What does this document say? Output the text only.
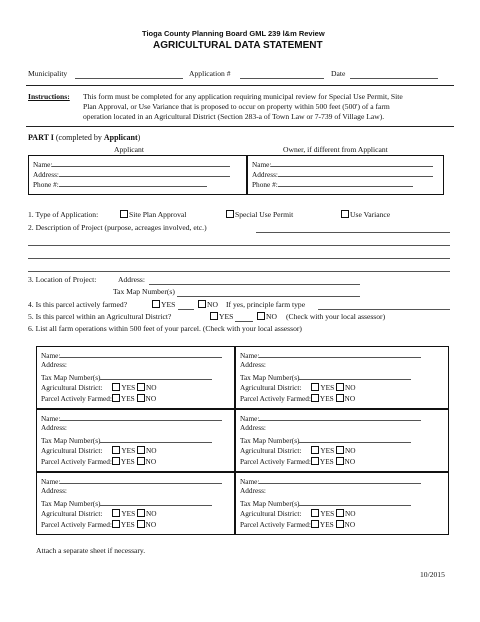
Tioga County Planning Board GML 239 l&m Review
AGRICULTURAL DATA STATEMENT
Municipality	Application #	Date
Instructions: This form must be completed for any application requiring municipal review for Special Use Permit, Site
Plan Approval, or Use Variance that is proposed to occur on property within 500 feet (500') of a farm
operation located in an Agricultural District (Section 283-a of Town Law or 7-739 of Village Law).
PART I (completed by Applicant)
Applicant	Owner, if different from Applicant
Name:
Address:
Phone #:
Name:
Address:
Phone #:
1. Type of Application:	Site Plan Approval	Special Use Permit	Use Variance
2. Description of Project (purpose, acreages involved, etc.)
3. Location of Project:	Address:
Tax Map Number(s)
4. Is this parcel actively farmed?	YES	NO If yes, principle farm type
5. Is this parcel within an Agricultural District?	YES	NO (Check with your local assessor)
6. List all farm operations within 500 feet of your parcel. (Check with your local assessor)
Name:
Address:
Tax Map Number(s)
Agricultural District:	YES NO
Parcel Actively Farmed: YES NO
Name:
Address:
Tax Map Number(s)
Agricultural District:	YES NO
Parcel Actively Farmed: YES NO
Name:
Address:
Tax Map Number(s)
Agricultural District:	YES NO
Parcel Actively Farmed: YES NO
Name:
Address:
Tax Map Number(s)
Agricultural District:	YES NO
Parcel Actively Farmed: YES NO
Name:
Address:
Tax Map Number(s)
Agricultural District:	YES NO
Parcel Actively Farmed: YES NO
Name:
Address:
Tax Map Number(s)
Agricultural District:	YES NO
Parcel Actively Farmed: YES NO
Attach a separate sheet if necessary.
10/2015
